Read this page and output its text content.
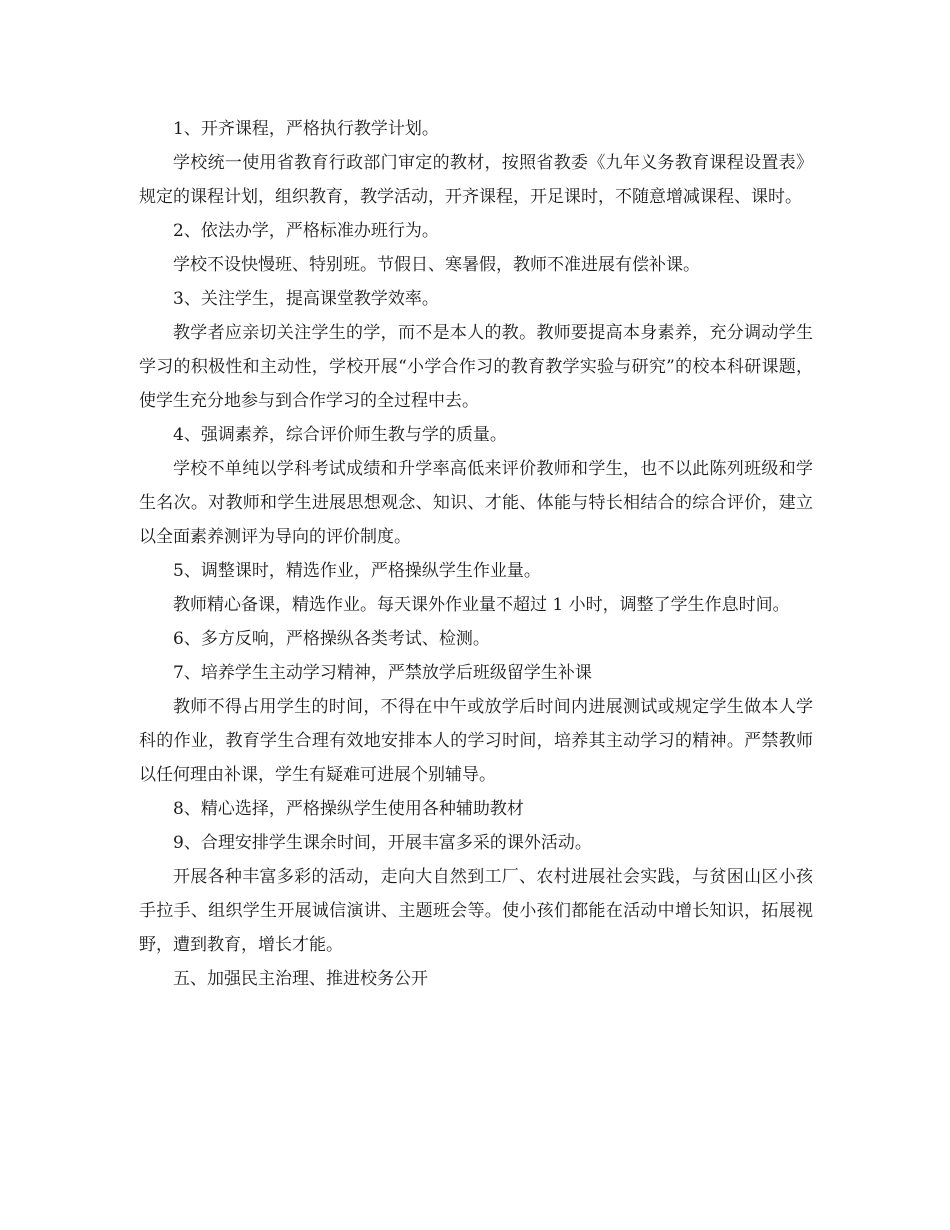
1、开齐课程，严格执行教学计划。

学校统一使用省教育行政部门审定的教材，按照省教委《九年义务教育课程设置表》规定的课程计划，组织教育，教学活动，开齐课程，开足课时，不随意增减课程、课时。

2、依法办学，严格标准办班行为。

学校不设快慢班、特别班。节假日、寒暑假，教师不准进展有偿补课。

3、关注学生，提高课堂教学效率。

教学者应亲切关注学生的学，而不是本人的教。教师要提高本身素养，充分调动学生学习的积极性和主动性，学校开展“小学合作习的教育教学实验与研究”的校本科研课题，使学生充分地参与到合作学习的全过程中去。

4、强调素养，综合评价师生教与学的质量。

学校不单纯以学科考试成绩和升学率高低来评价教师和学生，也不以此陈列班级和学生名次。对教师和学生进展思想观念、知识、才能、体能与特长相结合的综合评价，建立以全面素养测评为导向的评价制度。

5、调整课时，精选作业，严格操纵学生作业量。

教师精心备课，精选作业。每天课外作业量不超过 1 小时，调整了学生作息时间。

6、多方反响，严格操纵各类考试、检测。

7、培养学生主动学习精神，严禁放学后班级留学生补课

教师不得占用学生的时间，不得在中午或放学后时间内进展测试或规定学生做本人学科的作业，教育学生合理有效地安排本人的学习时间，培养其主动学习的精神。严禁教师以任何理由补课，学生有疑难可进展个别辅导。

8、精心选择，严格操纵学生使用各种辅助教材

9、合理安排学生课余时间，开展丰富多采的课外活动。

开展各种丰富多彩的活动，走向大自然到工厂、农村进展社会实践，与贫困山区小孩手拉手、组织学生开展诚信演讲、主题班会等。使小孩们都能在活动中增长知识，拓展视野，遭到教育，增长才能。

五、加强民主治理、推进校务公开
